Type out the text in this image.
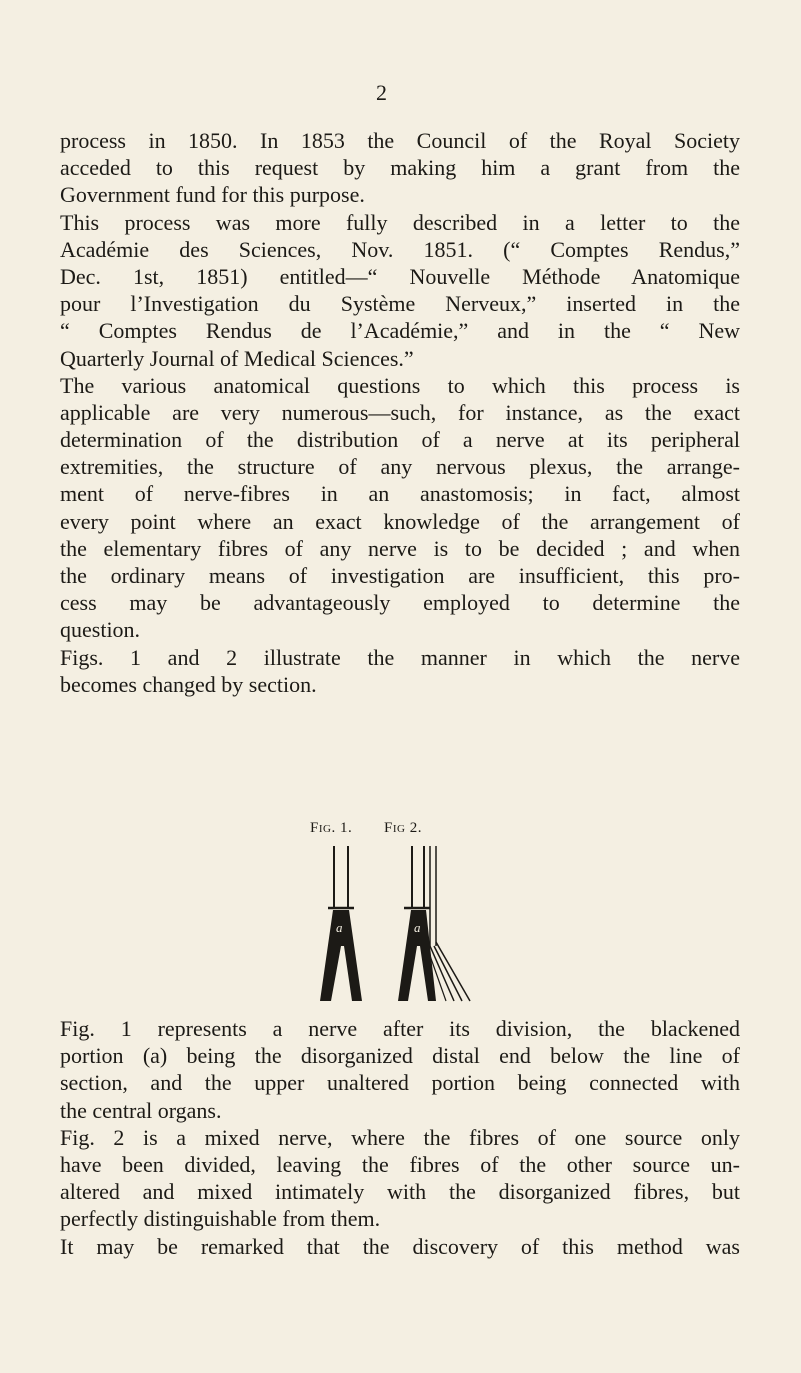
2
process in 1850. In 1853 the Council of the Royal Society
acceded to this request by making him a grant from the
Government fund for this purpose.
This process was more fully described in a letter to the
Académie des Sciences, Nov. 1851. (“ Comptes Rendus,”
Dec. 1st, 1851) entitled—“ Nouvelle Méthode Anatomique
pour l’Investigation du Système Nerveux,” inserted in the
“ Comptes Rendus de l’Académie,” and in the “ New
Quarterly Journal of Medical Sciences.”
The various anatomical questions to which this process is
applicable are very numerous—such, for instance, as the exact
determination of the distribution of a nerve at its peripheral
extremities, the structure of any nervous plexus, the arrange-
ment of nerve-fibres in an anastomosis; in fact, almost
every point where an exact knowledge of the arrangement of
the elementary fibres of any nerve is to be decided ; and when
the ordinary means of investigation are insufficient, this pro-
cess may be advantageously employed to determine the
question.
Figs. 1 and 2 illustrate the manner in which the nerve
becomes changed by section.
Fig. 1. Fig 2.
a	a
Fig. 1 represents a nerve after its division, the blackened
portion (a) being the disorganized distal end below the line of
section, and the upper unaltered portion being connected with
the central organs.
Fig. 2 is a mixed nerve, where the fibres of one source only
have been divided, leaving the fibres of the other source un-
altered and mixed intimately with the disorganized fibres, but
perfectly distinguishable from them.
It may be remarked that the discovery of this method was
